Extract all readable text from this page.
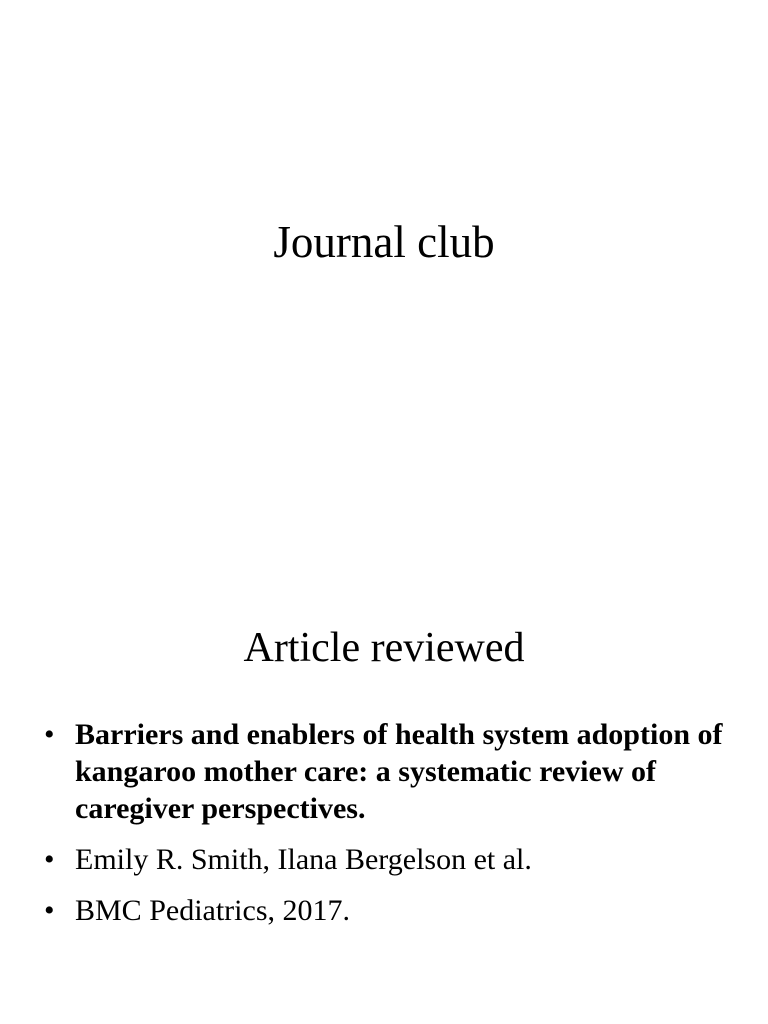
Journal club
Article reviewed
• Barriers and enablers of health system adoption of kangaroo mother care: a systematic review of caregiver perspectives.
• Emily R. Smith, Ilana Bergelson et al.
• BMC Pediatrics, 2017.
